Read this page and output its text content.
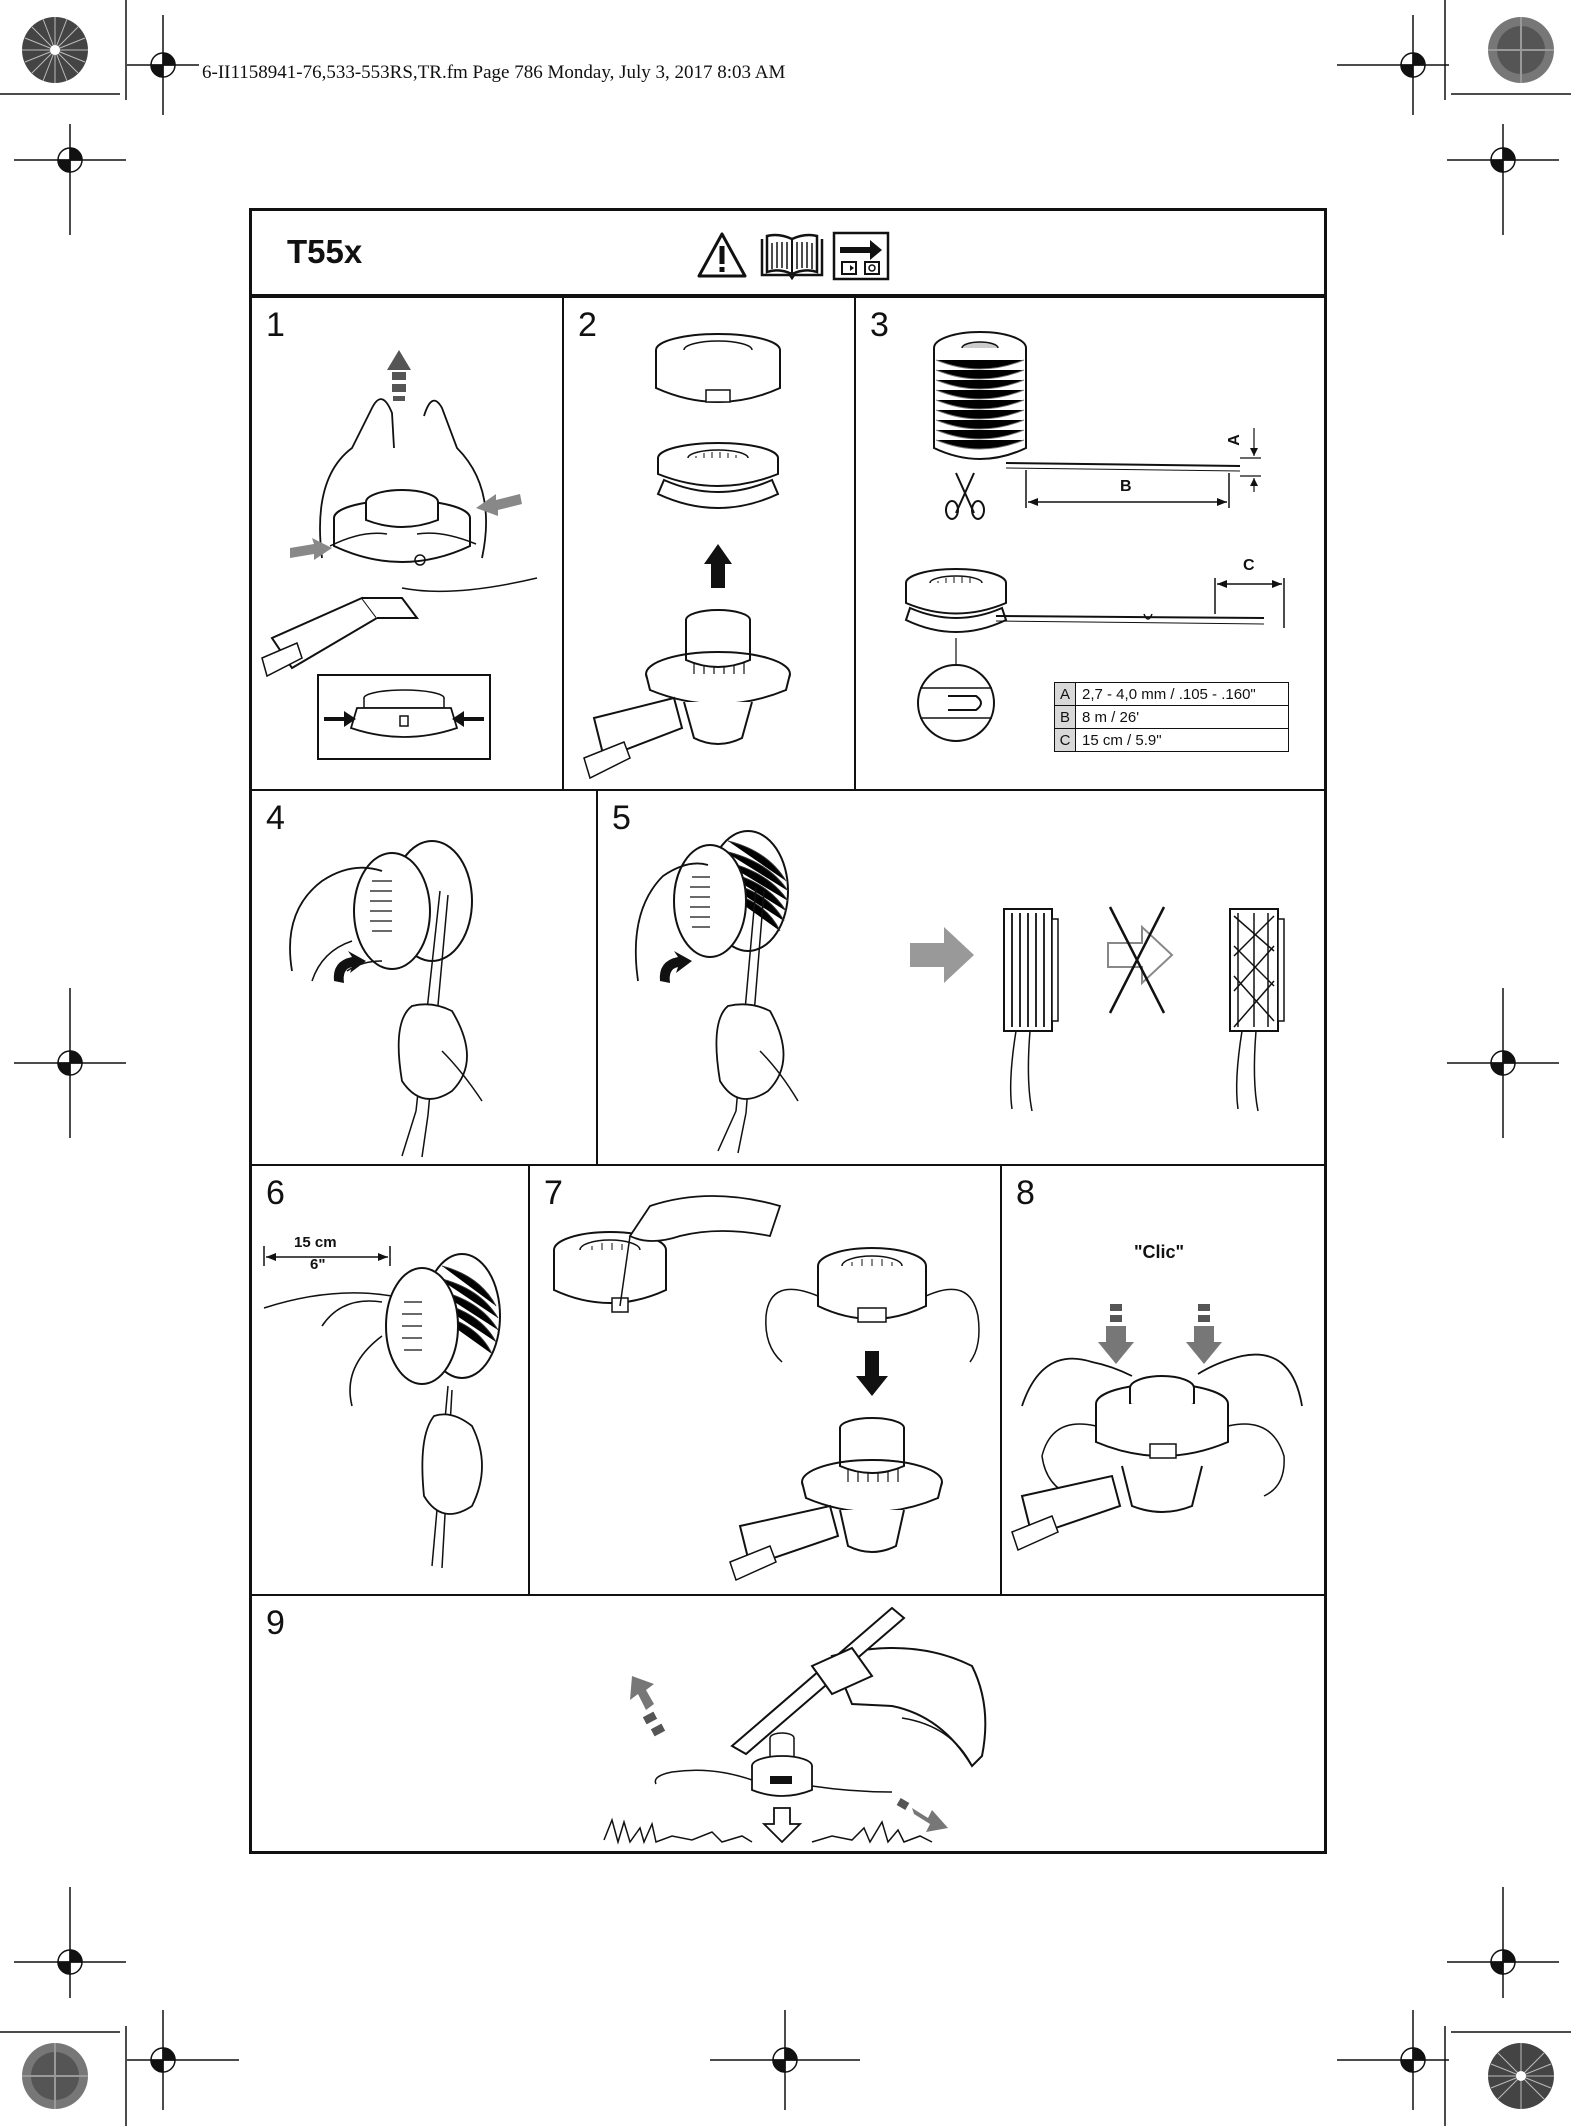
6-II1158941-76,533-553RS,TR.fm Page 786 Monday, July 3, 2017 8:03 AM
T55x
1	2	3
A
B
C
A	2,7 - 4,0 mm / .105 - .160"
B	8 m / 26'
C	15 cm / 5.9"
4	5
6
15 cm
6"
7	8
"Clic"
9
